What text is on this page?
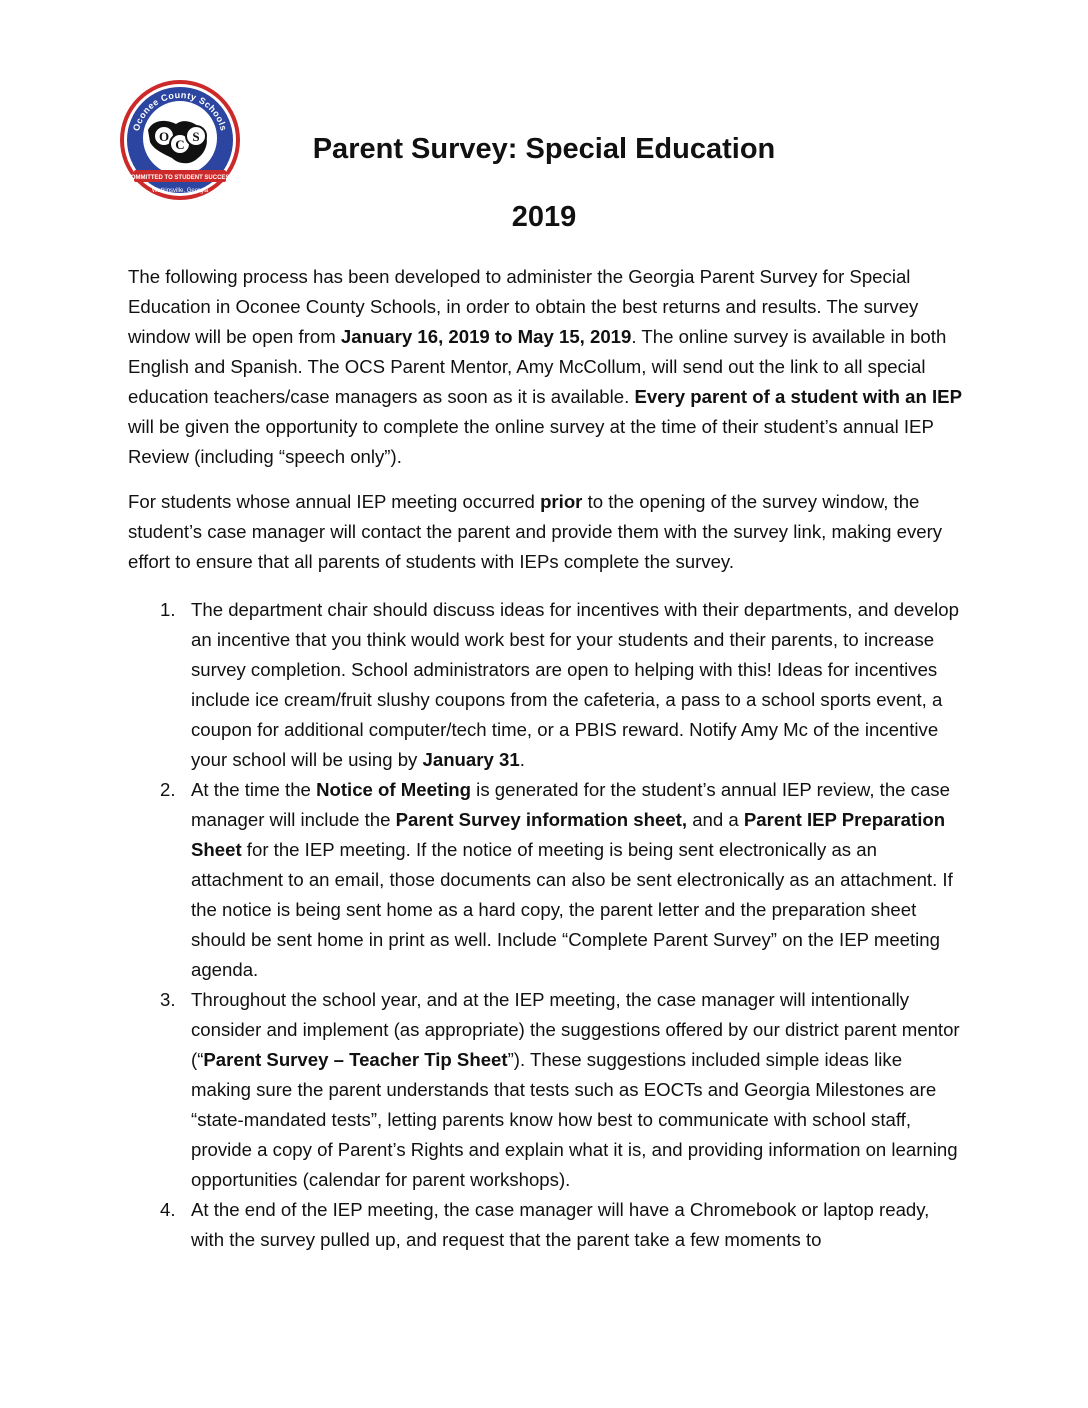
O
C
S
Oconee County Schools
COMMITTED TO STUDENT SUCCESS
Watkinsville, Georgia
Parent Survey: Special Education
2019

The following process has been developed to administer the Georgia Parent Survey for Special Education in Oconee County Schools, in order to obtain the best returns and results. The survey window will be open from January 16, 2019 to May 15, 2019. The online survey is available in both English and Spanish. The OCS Parent Mentor, Amy McCollum, will send out the link to all special education teachers/case managers as soon as it is available. Every parent of a student with an IEP will be given the opportunity to complete the online survey at the time of their student’s annual IEP Review (including “speech only”).

For students whose annual IEP meeting occurred prior to the opening of the survey window, the student’s case manager will contact the parent and provide them with the survey link, making every effort to ensure that all parents of students with IEPs complete the survey.

1. The department chair should discuss ideas for incentives with their departments, and develop an incentive that you think would work best for your students and their parents, to increase survey completion. School administrators are open to helping with this! Ideas for incentives include ice cream/fruit slushy coupons from the cafeteria, a pass to a school sports event, a coupon for additional computer/tech time, or a PBIS reward. Notify Amy Mc of the incentive your school will be using by January 31.
2. At the time the Notice of Meeting is generated for the student’s annual IEP review, the case manager will include the Parent Survey information sheet, and a Parent IEP Preparation Sheet for the IEP meeting. If the notice of meeting is being sent electronically as an attachment to an email, those documents can also be sent electronically as an attachment. If the notice is being sent home as a hard copy, the parent letter and the preparation sheet should be sent home in print as well. Include “Complete Parent Survey” on the IEP meeting agenda.
3. Throughout the school year, and at the IEP meeting, the case manager will intentionally consider and implement (as appropriate) the suggestions offered by our district parent mentor (“Parent Survey – Teacher Tip Sheet”). These suggestions included simple ideas like making sure the parent understands that tests such as EOCTs and Georgia Milestones are “state-mandated tests”, letting parents know how best to communicate with school staff, provide a copy of Parent’s Rights and explain what it is, and providing information on learning opportunities (calendar for parent workshops).
4. At the end of the IEP meeting, the case manager will have a Chromebook or laptop ready, with the survey pulled up, and request that the parent take a few moments to
